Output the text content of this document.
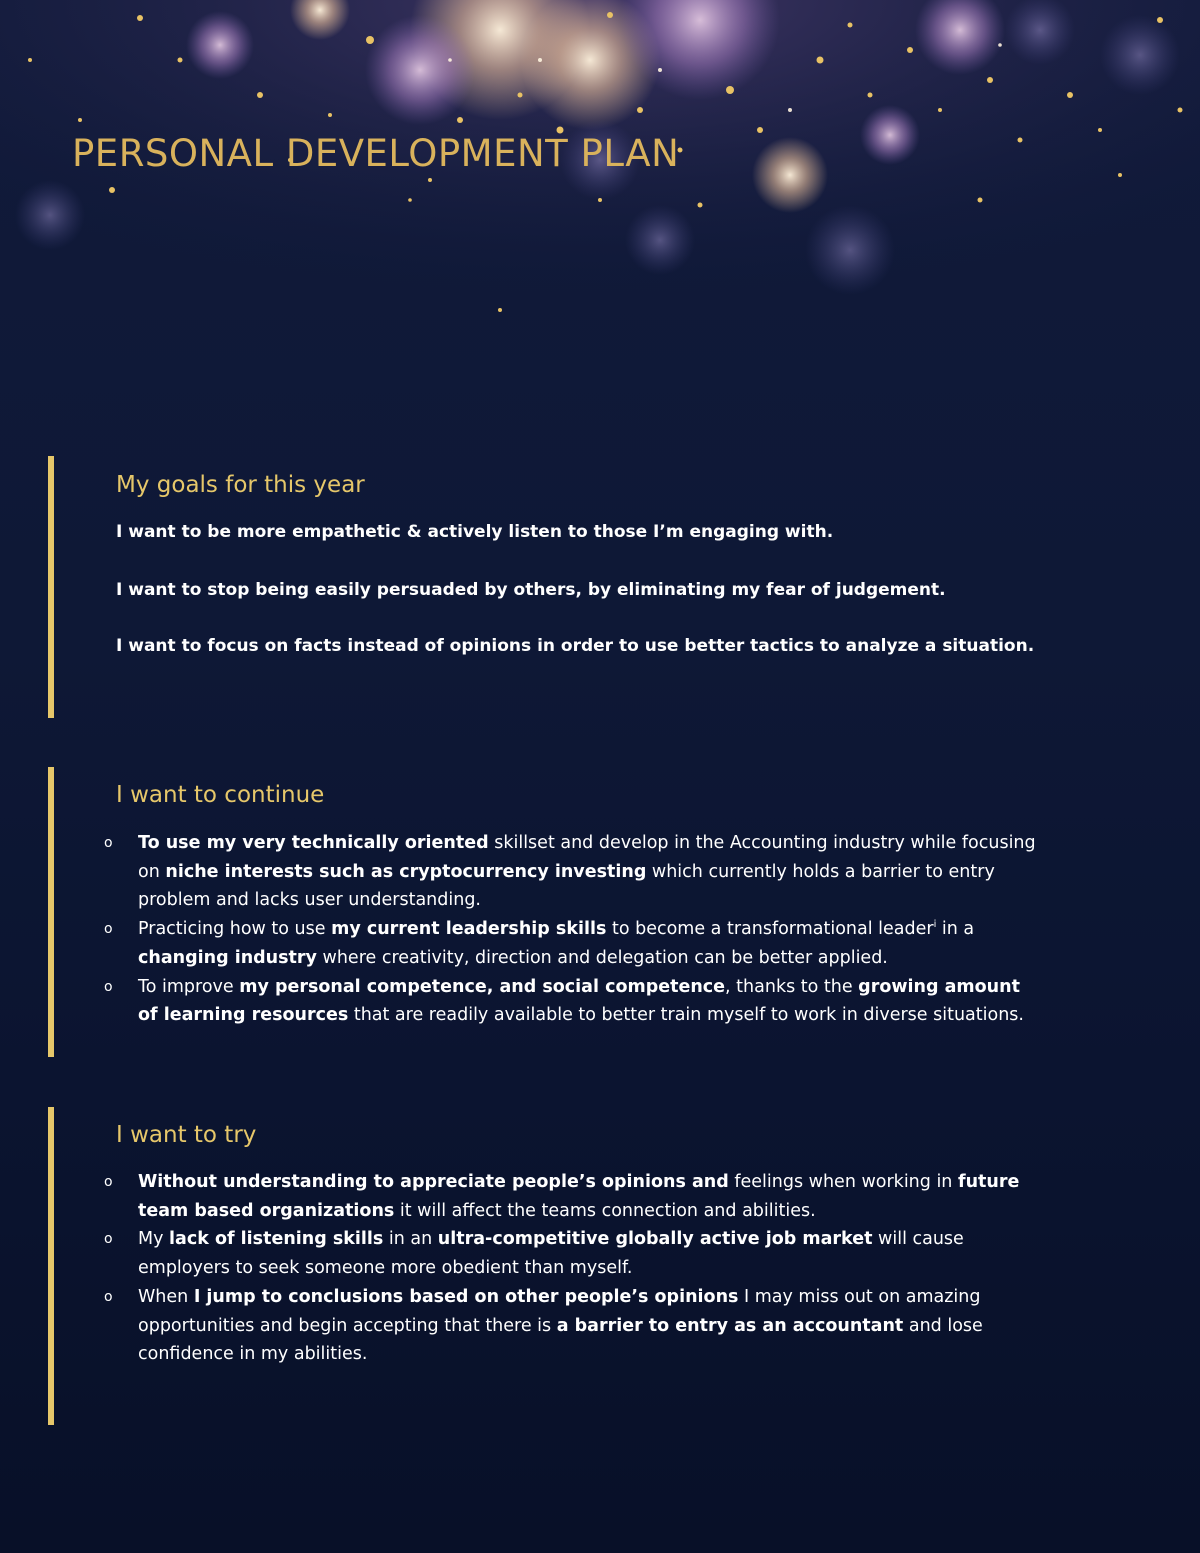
PERSONAL DEVELOPMENT PLAN
My goals for this year

I want to be more empathetic & actively listen to those I’m engaging with.

I want to stop being easily persuaded by others, by eliminating my fear of judgement.

I want to focus on facts instead of opinions in order to use better tactics to analyze a situation.

I want to continue
o To use my very technically oriented skillset and develop in the Accounting industry while focusing on niche interests such as cryptocurrency investing which currently holds a barrier to entry problem and lacks user understanding.
o Practicing how to use my current leadership skills to become a transformational leader$^i$ in a changing industry where creativity, direction and delegation can be better applied.
o To improve my personal competence, and social competence, thanks to the growing amount of learning resources that are readily available to better train myself to work in diverse situations.
I want to try
o Without understanding to appreciate people’s opinions and feelings when working in future team based organizations it will affect the teams connection and abilities.
o My lack of listening skills in an ultra-competitive globally active job market will cause employers to seek someone more obedient than myself.
o When I jump to conclusions based on other people’s opinions I may miss out on amazing opportunities and begin accepting that there is a barrier to entry as an accountant and lose confidence in my abilities.
